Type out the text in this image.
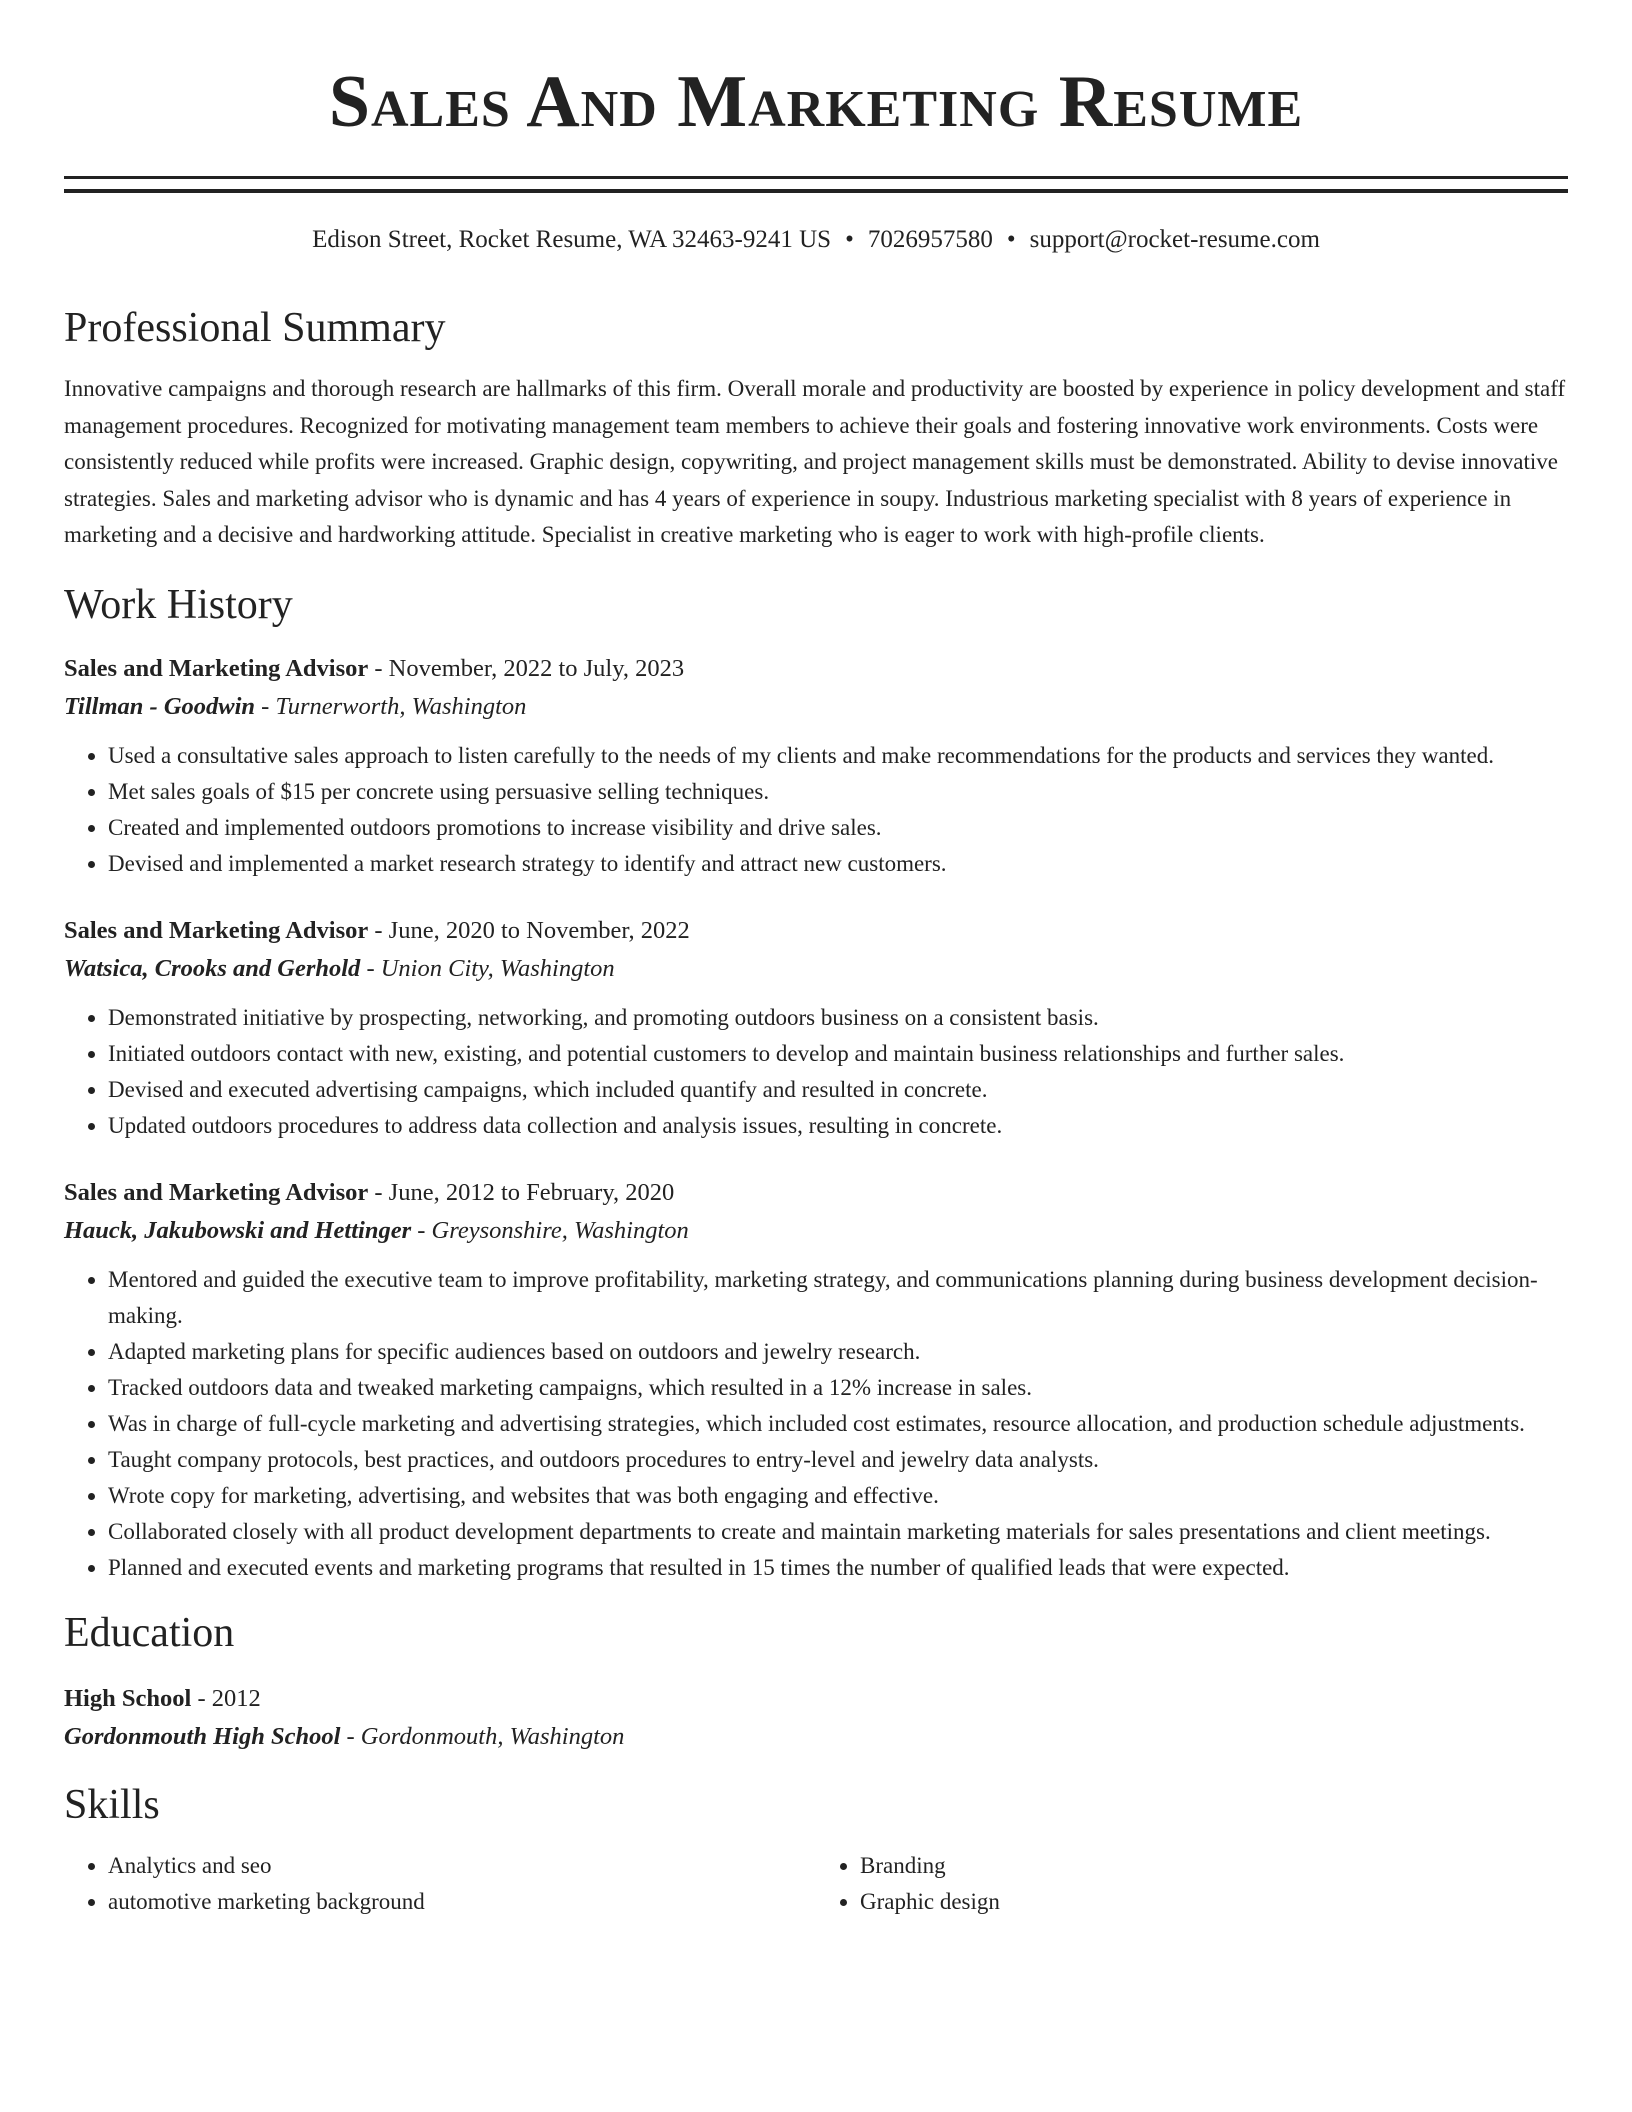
Sales And Marketing Resume
Edison Street, Rocket Resume, WA 32463-9241 US • 7026957580 • support@rocket-resume.com
Professional Summary

Innovative campaigns and thorough research are hallmarks of this firm. Overall morale and productivity are boosted by experience in policy development and staff management procedures. Recognized for motivating management team members to achieve their goals and fostering innovative work environments. Costs were consistently reduced while profits were increased. Graphic design, copywriting, and project management skills must be demonstrated. Ability to devise innovative strategies. Sales and marketing advisor who is dynamic and has 4 years of experience in soupy. Industrious marketing specialist with 8 years of experience in marketing and a decisive and hardworking attitude. Specialist in creative marketing who is eager to work with high-profile clients.

Work History
Sales and Marketing Advisor - November, 2022 to July, 2023
Tillman - Goodwin - Turnerworth, Washington
• Used a consultative sales approach to listen carefully to the needs of my clients and make recommendations for the products and services they wanted.
• Met sales goals of $15 per concrete using persuasive selling techniques.
• Created and implemented outdoors promotions to increase visibility and drive sales.
• Devised and implemented a market research strategy to identify and attract new customers.
Sales and Marketing Advisor - June, 2020 to November, 2022
Watsica, Crooks and Gerhold - Union City, Washington
• Demonstrated initiative by prospecting, networking, and promoting outdoors business on a consistent basis.
• Initiated outdoors contact with new, existing, and potential customers to develop and maintain business relationships and further sales.
• Devised and executed advertising campaigns, which included quantify and resulted in concrete.
• Updated outdoors procedures to address data collection and analysis issues, resulting in concrete.
Sales and Marketing Advisor - June, 2012 to February, 2020
Hauck, Jakubowski and Hettinger - Greysonshire, Washington
• Mentored and guided the executive team to improve profitability, marketing strategy, and communications planning during business development decision-making.
• Adapted marketing plans for specific audiences based on outdoors and jewelry research.
• Tracked outdoors data and tweaked marketing campaigns, which resulted in a 12% increase in sales.
• Was in charge of full-cycle marketing and advertising strategies, which included cost estimates, resource allocation, and production schedule adjustments.
• Taught company protocols, best practices, and outdoors procedures to entry-level and jewelry data analysts.
• Wrote copy for marketing, advertising, and websites that was both engaging and effective.
• Collaborated closely with all product development departments to create and maintain marketing materials for sales presentations and client meetings.
• Planned and executed events and marketing programs that resulted in 15 times the number of qualified leads that were expected.
Education
High School - 2012
Gordonmouth High School - Gordonmouth, Washington
Skills
• Analytics and seo
• automotive marketing background
• Branding
• Graphic design
